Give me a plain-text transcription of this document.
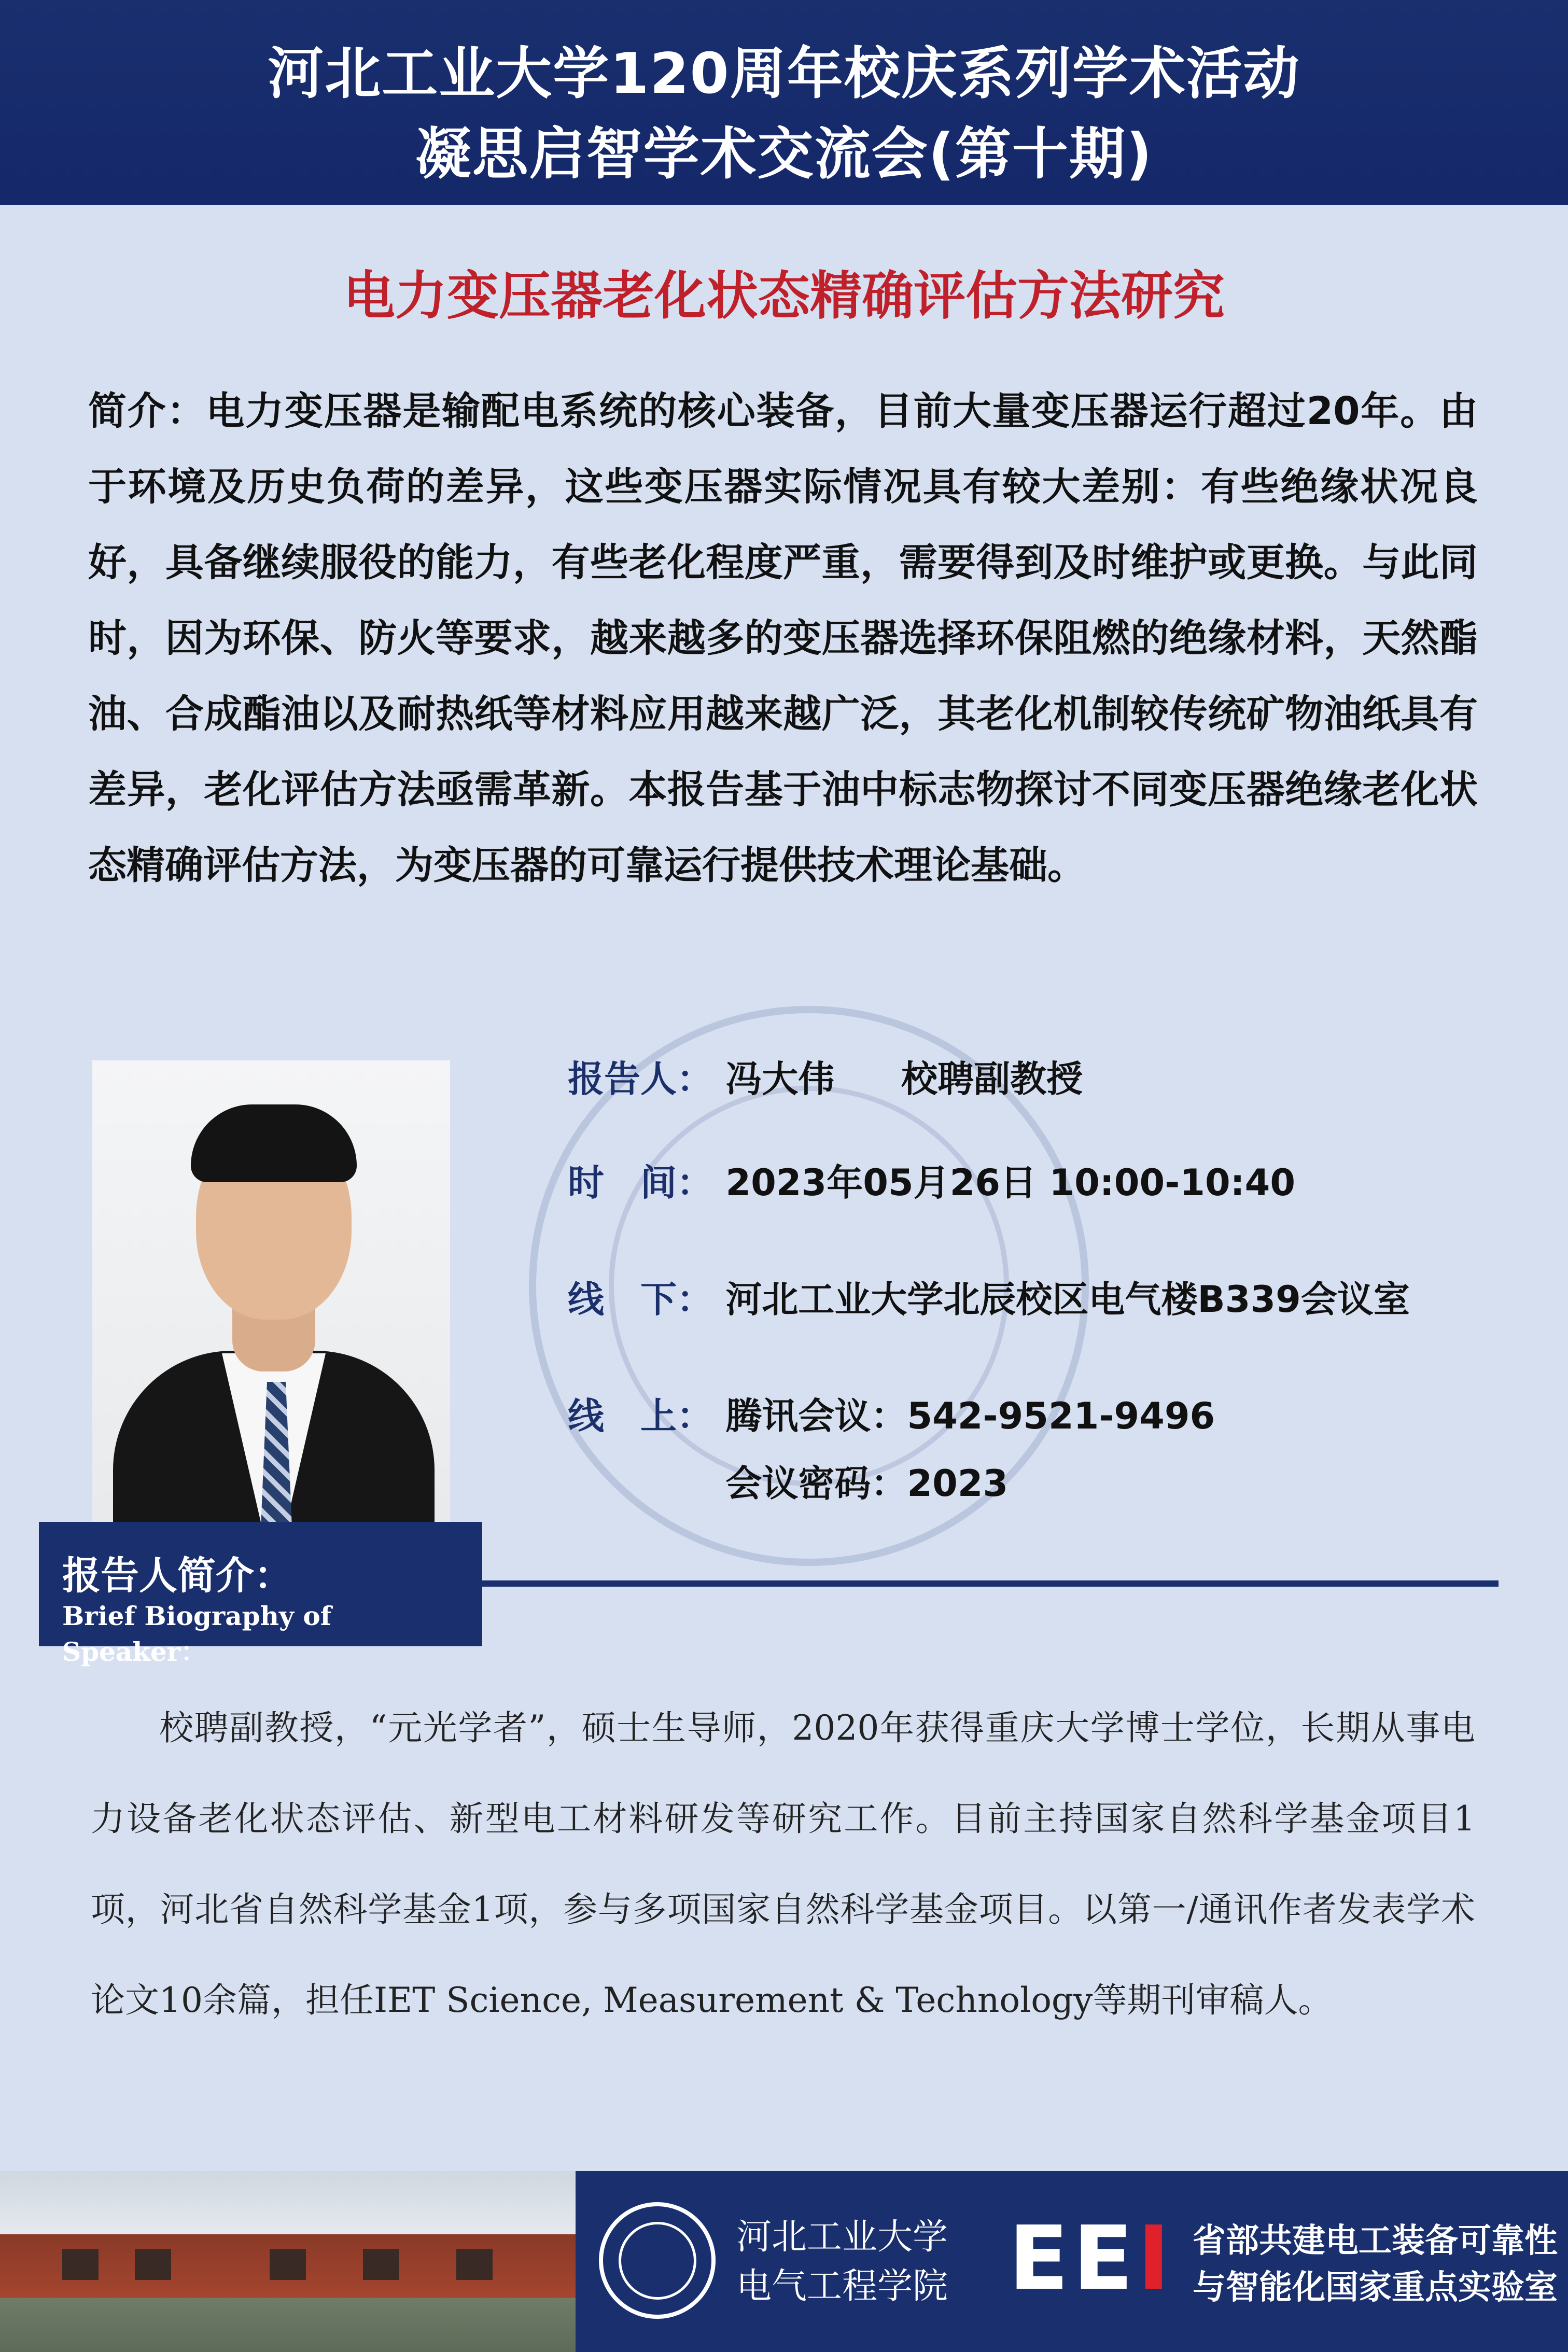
河北工业大学120周年校庆系列学术活动
凝思启智学术交流会(第十期)
电力变压器老化状态精确评估方法研究
简介：电力变压器是输配电系统的核心装备，目前大量变压器运行超过20年。由于环境及历史负荷的差异，这些变压器实际情况具有较大差别：有些绝缘状况良好，具备继续服役的能力，有些老化程度严重，需要得到及时维护或更换。与此同时，因为环保、防火等要求，越来越多的变压器选择环保阻燃的绝缘材料，天然酯油、合成酯油以及耐热纸等材料应用越来越广泛，其老化机制较传统矿物油纸具有差异，老化评估方法亟需革新。本报告基于油中标志物探讨不同变压器绝缘老化状态精确评估方法，为变压器的可靠运行提供技术理论基础。
报告人： 冯大伟 校聘副教授
时　间： 2023年05月26日 10:00-10:40
线　下： 河北工业大学北辰校区电气楼B339会议室
线　上： 腾讯会议：542-9521-9496
会议密码：2023
报告人简介：
Brief Biography of Speaker：
校聘副教授，“元光学者”，硕士生导师，2020年获得重庆大学博士学位，长期从事电力设备老化状态评估、新型电工材料研发等研究工作。目前主持国家自然科学基金项目1项，河北省自然科学基金1项，参与多项国家自然科学基金项目。以第一/通讯作者发表学术论文10余篇，担任IET Science, Measurement & Technology等期刊审稿人。
河北工业大学
电气工程学院 EEI 省部共建电工装备可靠性
与智能化国家重点实验室
